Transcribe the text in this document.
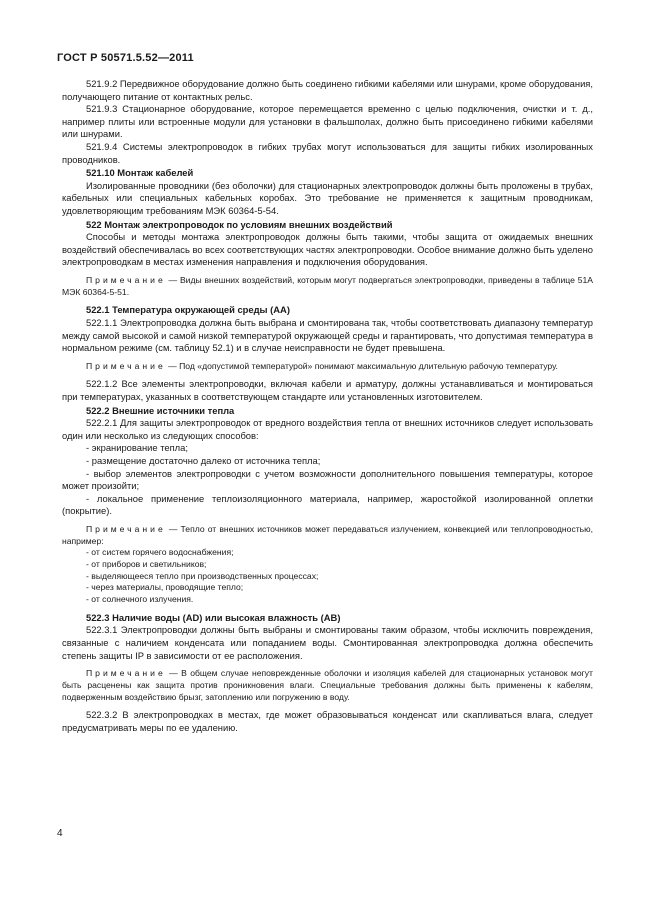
ГОСТ Р 50571.5.52—2011

521.9.2 Передвижное оборудование должно быть соединено гибкими кабелями или шнурами, кроме оборудования, получающего питание от контактных рельс.

521.9.3 Стационарное оборудование, которое перемещается временно с целью подключения, очистки и т. д., например плиты или встроенные модули для установки в фальшполах, должно быть присоединено гибкими кабелями или шнурами.

521.9.4 Системы электропроводок в гибких трубах могут использоваться для защиты гибких изолированных проводников.

521.10 Монтаж кабелей

Изолированные проводники (без оболочки) для стационарных электропроводок должны быть проложены в трубах, кабельных или специальных кабельных коробах. Это требование не применяется к защитным проводникам, удовлетворяющим требованиям МЭК 60364-5-54.

522 Монтаж электропроводок по условиям внешних воздействий

Способы и методы монтажа электропроводок должны быть такими, чтобы защита от ожидаемых внешних воздействий обеспечивалась во всех соответствующих частях электропроводки. Особое внимание должно быть уделено электропроводкам в местах изменения направления и подключения оборудования.

Примечание — Виды внешних воздействий, которым могут подвергаться электропроводки, приведены в таблице 51А МЭК 60364-5-51.

522.1 Температура окружающей среды (АА)

522.1.1 Электропроводка должна быть выбрана и смонтирована так, чтобы соответствовать диапазону температур между самой высокой и самой низкой температурой окружающей среды и гарантировать, что допустимая температура в нормальном режиме (см. таблицу 52.1) и в случае неисправности не будет превышена.

Примечание — Под «допустимой температурой» понимают максимальную длительную рабочую температуру.

522.1.2 Все элементы электропроводки, включая кабели и арматуру, должны устанавливаться и монтироваться при температурах, указанных в соответствующем стандарте или установленных изготовителем.

522.2 Внешние источники тепла

522.2.1 Для защиты электропроводок от вредного воздействия тепла от внешних источников следует использовать один или несколько из следующих способов:

- экранирование тепла;

- размещение достаточно далеко от источника тепла;

- выбор элементов электропроводки с учетом возможности дополнительного повышения температуры, которое может произойти;

- локальное применение теплоизоляционного материала, например, жаростойкой изолированной оплетки (покрытие).

Примечание — Тепло от внешних источников может передаваться излучением, конвекцией или теплопроводностью, например:

- от систем горячего водоснабжения;

- от приборов и светильников;

- выделяющееся тепло при производственных процессах;

- через материалы, проводящие тепло;

- от солнечного излучения.

522.3 Наличие воды (AD) или высокая влажность (АВ)

522.3.1 Электропроводки должны быть выбраны и смонтированы таким образом, чтобы исключить повреждения, связанные с наличием конденсата или попаданием воды. Смонтированная электропроводка должна обеспечить степень защиты IP в зависимости от ее расположения.

Примечание — В общем случае неповрежденные оболочки и изоляция кабелей для стационарных установок могут быть расценены как защита против проникновения влаги. Специальные требования должны быть применены к кабелям, подверженным воздействию брызг, затоплению или погружению в воду.

522.3.2 В электропроводках в местах, где может образовываться конденсат или скапливаться влага, следует предусматривать меры по ее удалению.

4
